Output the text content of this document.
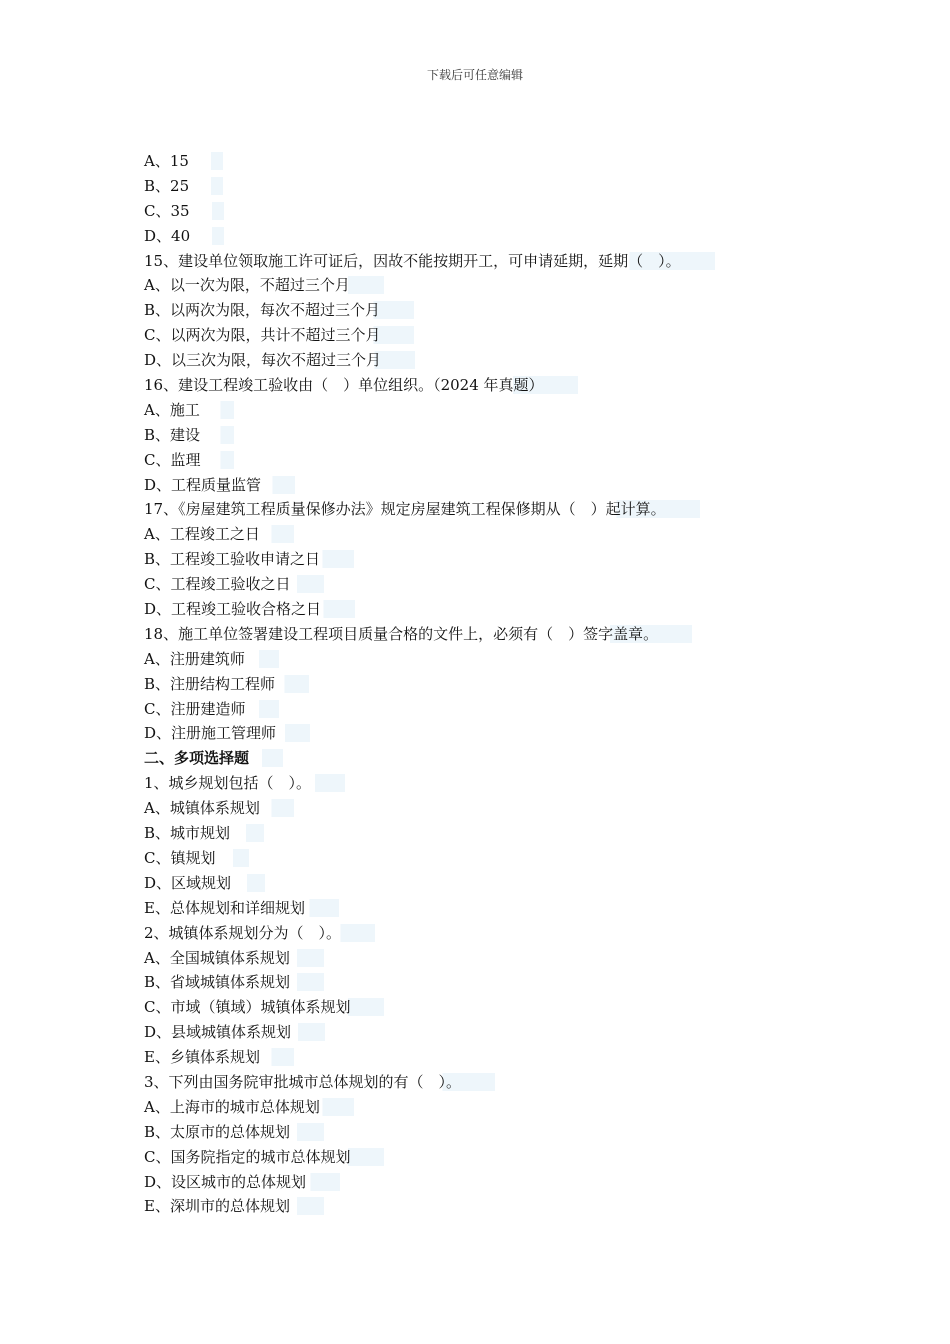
下载后可任意编辑
A、15
B、25
C、35
D、40
15、建设单位领取施工许可证后，因故不能按期开工，可申请延期，延期（　）。
A、以一次为限，不超过三个月
B、以两次为限，每次不超过三个月
C、以两次为限，共计不超过三个月
D、以三次为限，每次不超过三个月
16、建设工程竣工验收由（　）单位组织。（2024 年真题）
A、施工
B、建设
C、监理
D、工程质量监管
17、《房屋建筑工程质量保修办法》规定房屋建筑工程保修期从（　）起计算。
A、工程竣工之日
B、工程竣工验收申请之日
C、工程竣工验收之日
D、工程竣工验收合格之日
18、施工单位签署建设工程项目质量合格的文件上，必须有（　）签字盖章。
A、注册建筑师
B、注册结构工程师
C、注册建造师
D、注册施工管理师
二、多项选择题
1、城乡规划包括（　）。
A、城镇体系规划
B、城市规划
C、镇规划
D、区域规划
E、总体规划和详细规划
2、城镇体系规划分为（　）。
A、全国城镇体系规划
B、省域城镇体系规划
C、市域（镇域）城镇体系规划
D、县域城镇体系规划
E、乡镇体系规划
3、下列由国务院审批城市总体规划的有（　）。
A、上海市的城市总体规划
B、太原市的总体规划
C、国务院指定的城市总体规划
D、设区城市的总体规划
E、深圳市的总体规划
